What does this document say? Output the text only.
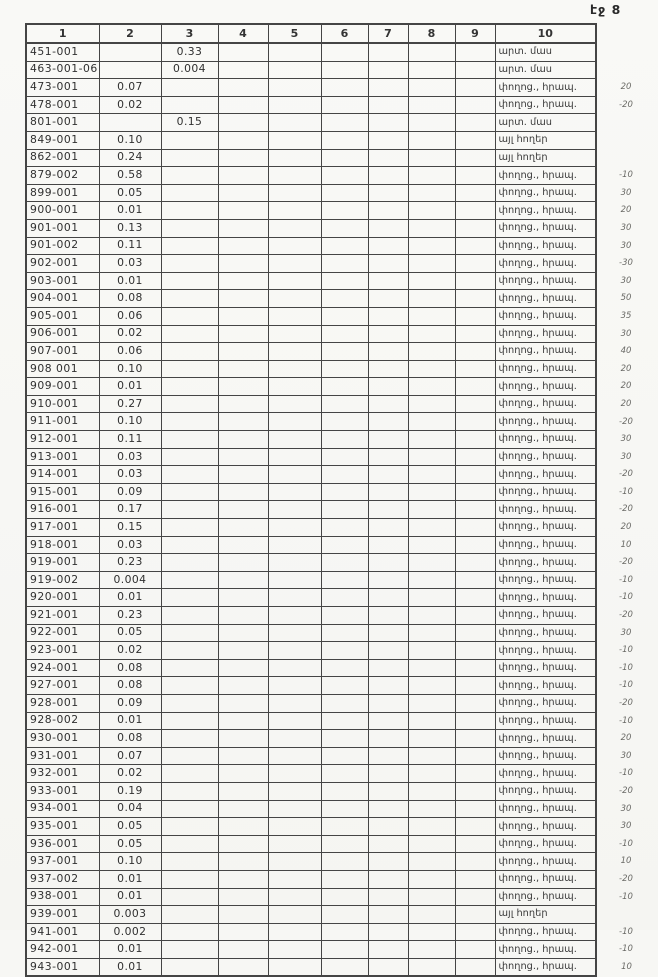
էջ 8
1	2	3	4	5	6	7	8	9	10	
451-001		0.33							արտ. մաս	
463-001-06		0.004							արտ. մաս	
473-001	0.07								փողոց., հրապ.	20
478-001	0.02								փողոց., հրապ.	-20
801-001		0.15							արտ. մաս	
849-001	0.10								այլ հողեր	
862-001	0.24								այլ հողեր	
879-002	0.58								փողոց., հրապ.	-10
899-001	0.05								փողոց., հրապ.	30
900-001	0.01								փողոց., հրապ.	20
901-001	0.13								փողոց., հրապ.	30
901-002	0.11								փողոց., հրապ.	30
902-001	0.03								փողոց., հրապ.	-30
903-001	0.01								փողոց., հրապ.	30
904-001	0.08								փողոց., հրապ.	50
905-001	0.06								փողոց., հրապ.	35
906-001	0.02								փողոց., հրապ.	30
907-001	0.06								փողոց., հրապ.	40
908 001	0.10								փողոց., հրապ.	20
909-001	0.01								փողոց., հրապ.	20
910-001	0.27								փողոց., հրապ.	20
911-001	0.10								փողոց., հրապ.	-20
912-001	0.11								փողոց., հրապ.	30
913-001	0.03								փողոց., հրապ.	30
914-001	0.03								փողոց., հրապ.	-20
915-001	0.09								փողոց., հրապ.	-10
916-001	0.17								փողոց., հրապ.	-20
917-001	0.15								փողոց., հրապ.	20
918-001	0.03								փողոց., հրապ.	10
919-001	0.23								փողոց., հրապ.	-20
919-002	0.004								փողոց., հրապ.	-10
920-001	0.01								փողոց., հրապ.	-10
921-001	0.23								փողոց., հրապ.	-20
922-001	0.05								փողոց., հրապ.	30
923-001	0.02								փողոց., հրապ.	-10
924-001	0.08								փողոց., հրապ.	-10
927-001	0.08								փողոց., հրապ.	-10
928-001	0.09								փողոց., հրապ.	-20
928-002	0.01								փողոց., հրապ.	-10
930-001	0.08								փողոց., հրապ.	20
931-001	0.07								փողոց., հրապ.	30
932-001	0.02								փողոց., հրապ.	-10
933-001	0.19								փողոց., հրապ.	-20
934-001	0.04								փողոց., հրապ.	30
935-001	0.05								փողոց., հրապ.	30
936-001	0.05								փողոց., հրապ.	-10
937-001	0.10								փողոց., հրապ.	10
937-002	0.01								փողոց., հրապ.	-20
938-001	0.01								փողոց., հրապ.	-10
939-001	0.003								այլ հողեր	
941-001	0.002								փողոց., հրապ.	-10
942-001	0.01								փողոց., հրապ.	-10
943-001	0.01								փողոց., հրապ.	10
